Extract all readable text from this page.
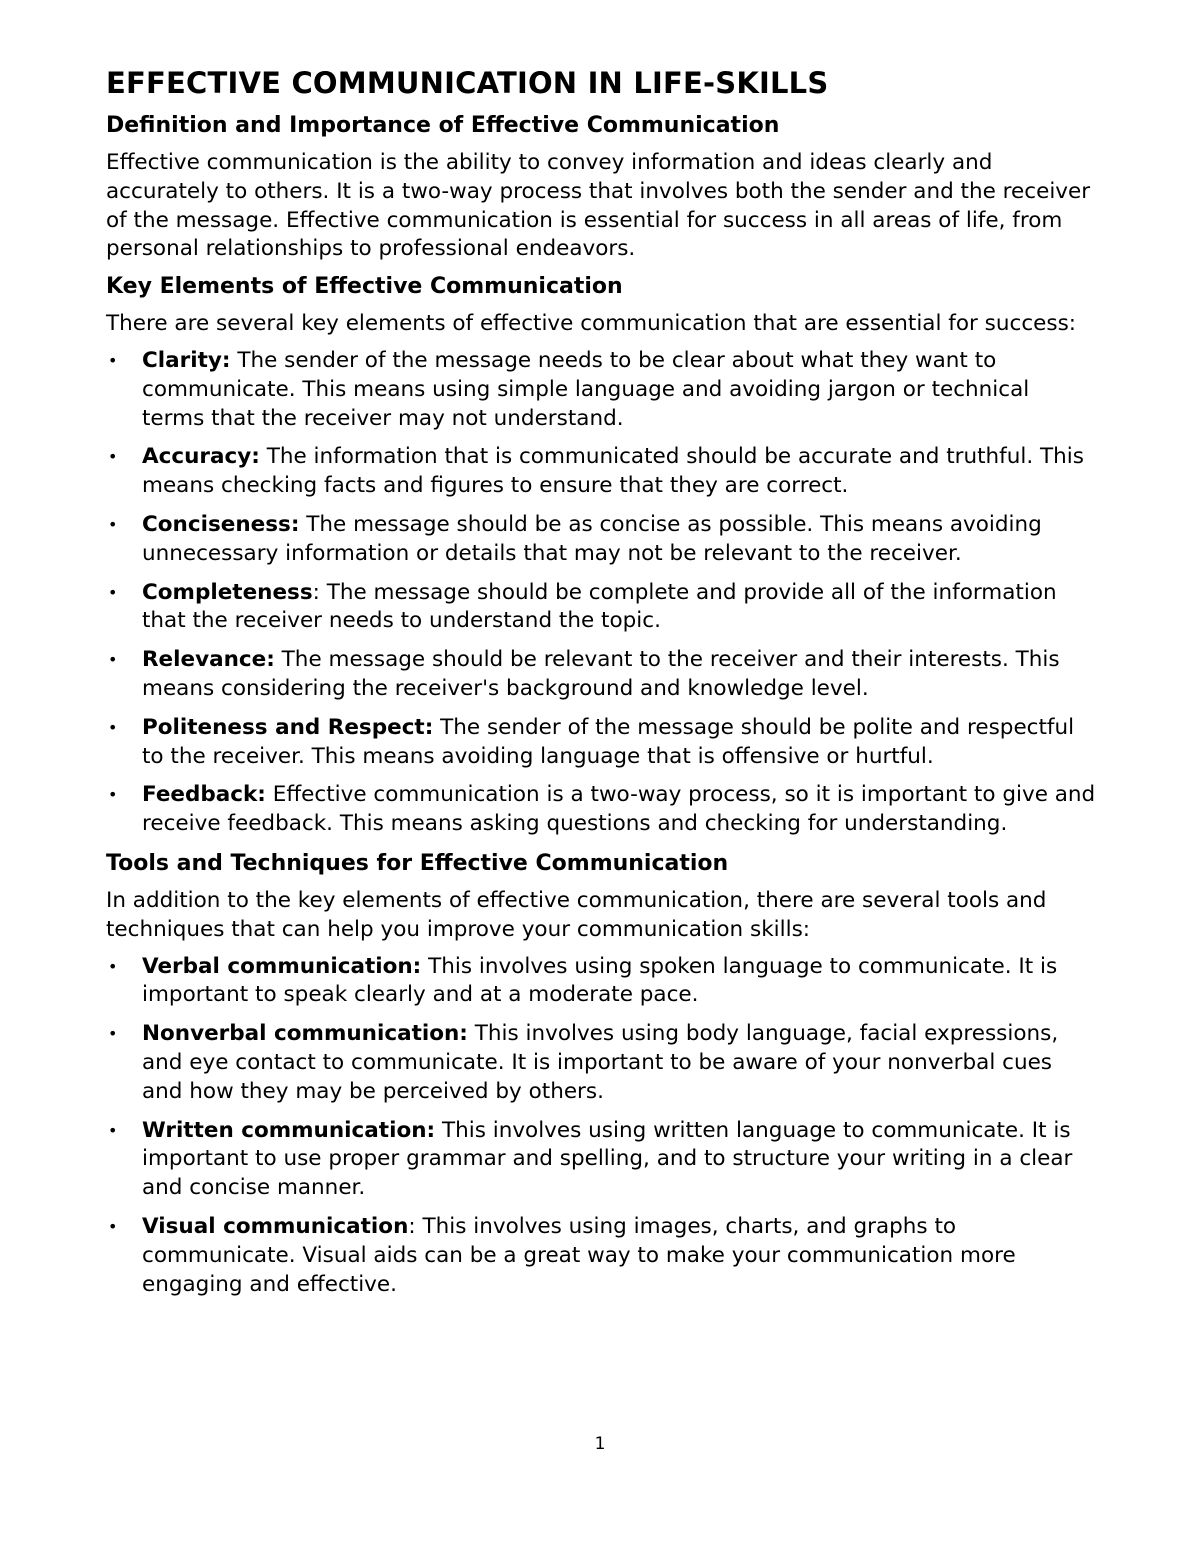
EFFECTIVE COMMUNICATION IN LIFE-SKILLS
Definition and Importance of Effective Communication

Effective communication is the ability to convey information and ideas clearly and accurately to others. It is a two-way process that involves both the sender and the receiver of the message. Effective communication is essential for success in all areas of life, from personal relationships to professional endeavors.

Key Elements of Effective Communication

There are several key elements of effective communication that are essential for success:

• Clarity: The sender of the message needs to be clear about what they want to communicate. This means using simple language and avoiding jargon or technical terms that the receiver may not understand.
• Accuracy: The information that is communicated should be accurate and truthful. This means checking facts and figures to ensure that they are correct.
• Conciseness: The message should be as concise as possible. This means avoiding unnecessary information or details that may not be relevant to the receiver.
• Completeness: The message should be complete and provide all of the information that the receiver needs to understand the topic.
• Relevance: The message should be relevant to the receiver and their interests. This means considering the receiver's background and knowledge level.
• Politeness and Respect: The sender of the message should be polite and respectful to the receiver. This means avoiding language that is offensive or hurtful.
• Feedback: Effective communication is a two-way process, so it is important to give and receive feedback. This means asking questions and checking for understanding.
Tools and Techniques for Effective Communication

In addition to the key elements of effective communication, there are several tools and techniques that can help you improve your communication skills:

• Verbal communication: This involves using spoken language to communicate. It is important to speak clearly and at a moderate pace.
• Nonverbal communication: This involves using body language, facial expressions, and eye contact to communicate. It is important to be aware of your nonverbal cues and how they may be perceived by others.
• Written communication: This involves using written language to communicate. It is important to use proper grammar and spelling, and to structure your writing in a clear and concise manner.
• Visual communication: This involves using images, charts, and graphs to communicate. Visual aids can be a great way to make your communication more engaging and effective.
1
